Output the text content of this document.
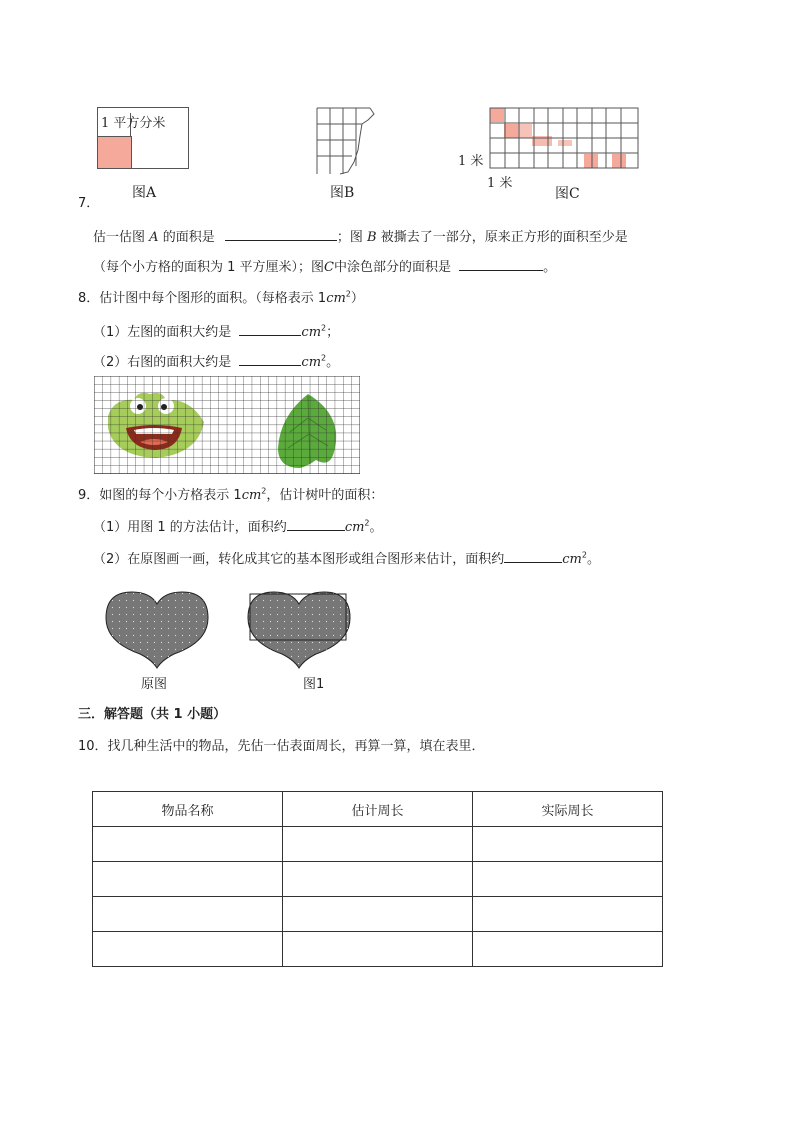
1 平方分米
图A	图B
1 米
1 米
图C
7．
估一估图 A 的面积是	；图 B 被撕去了一部分，原来正方形的面积至少是
（每个小方格的面积为 1 平方厘米）；图C中涂色部分的面积是	。
8．估计图中每个图形的面积。（每格表示 $1cm^2$）
（1）左图的面积大约是	$cm^2$；
（2）右图的面积大约是	$cm^2$。
9．如图的每个小方格表示 $1cm^2$，估计树叶的面积：
（1）用图 1 的方法估计，面积约	$cm^2$。
（2）在原图画一画，转化成其它的基本图形或组合图形来估计，面积约	$cm^2$。
原图	图1
三．解答题（共 1 小题）
10．找几种生活中的物品，先估一估表面周长，再算一算，填在表里．
物品名称	估计周长	实际周长
